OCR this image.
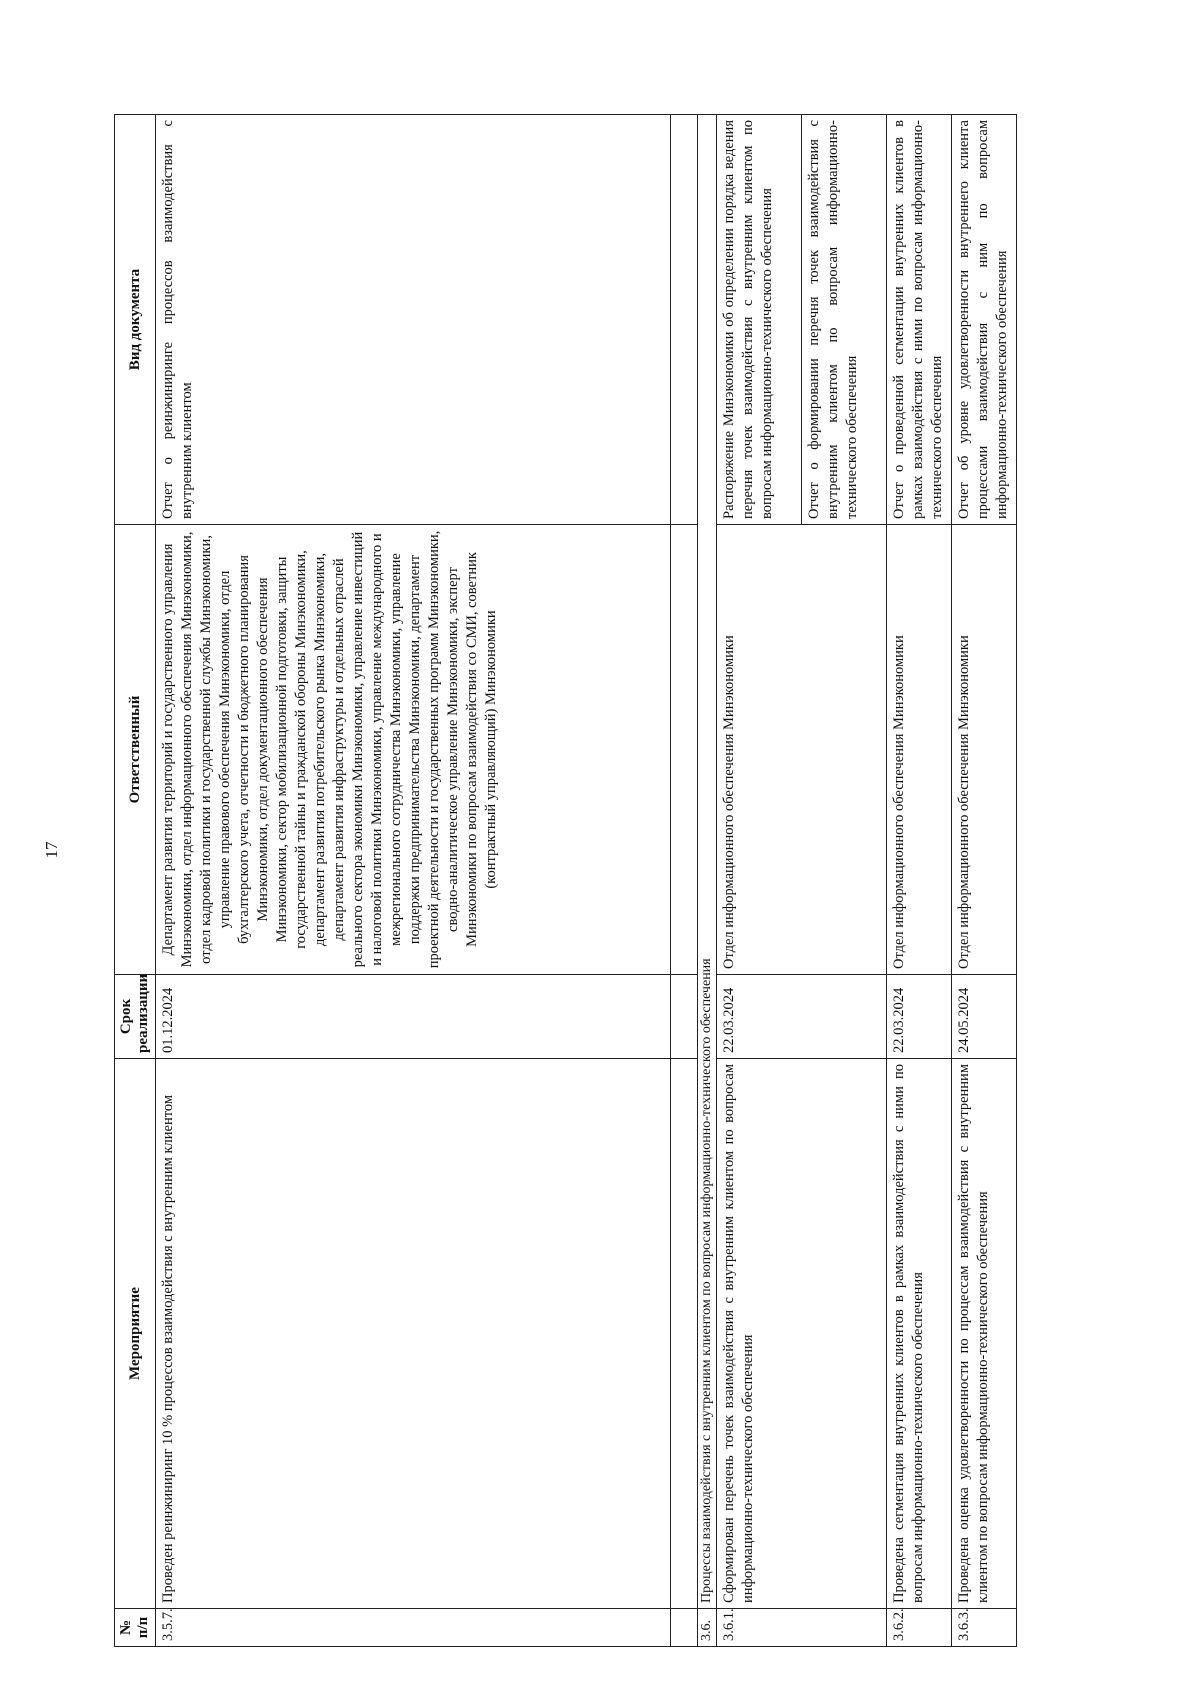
17
№ п/п	Мероприятие	Срок реализации	Ответственный	Вид документа
3.5.7.	Проведен реинжиниринг 10 % процессов взаимодействия с внутренним клиентом	01.12.2024	Департамент развития территорий и государственного управления Минэкономики, отдел информационного обеспечения Минэкономики, отдел кадровой политики и государственной службы Минэкономики, управление правового обеспечения Минэкономики, отдел бухгалтерского учета, отчетности и бюджетного планирования Минэкономики, отдел документационного обеспечения Минэкономики, сектор мобилизационной подготовки, защиты государственной тайны и гражданской обороны Минэкономики, департамент развития потребительского рынка Минэкономики, департамент развития инфраструктуры и отдельных отраслей реального сектора экономики Минэкономики, управление инвестиций и налоговой политики Минэкономики, управление международного и межрегионального сотрудничества Минэкономики, управление поддержки предпринимательства Минэкономики, департамент проектной деятельности и государственных программ Минэкономики, сводно-аналитическое управление Минэкономики, эксперт Минэкономики по вопросам взаимодействия со СМИ, советник (контрактный управляющий) Минэкономики	Отчет о реинжиниринге процессов взаимодействия с внутренним клиентом

3.6.	Процессы взаимодействия с внутренним клиентом по вопросам информационно-технического обеспечения			
3.6.1.	Сформирован перечень точек взаимодействия с внутренним клиентом по вопросам информационно-технического обеспечения	22.03.2024	Отдел информационного обеспечения Минэкономики	Распоряжение Минэкономики об определении порядка ведения перечня точек взаимодействия с внутренним клиентом по вопросам информационно-технического обеспечения
				Отчет о формировании перечня точек взаимодействия с внутренним клиентом по вопросам информационно-технического обеспечения
3.6.2.	Проведена сегментация внутренних клиентов в рамках взаимодействия с ними по вопросам информационно-технического обеспечения	22.03.2024	Отдел информационного обеспечения Минэкономики	Отчет о проведенной сегментации внутренних клиентов в рамках взаимодействия с ними по вопросам информационно-технического обеспечения
3.6.3.	Проведена оценка удовлетворенности по процессам взаимодействия с внутренним клиентом по вопросам информационно-технического обеспечения	24.05.2024	Отдел информационного обеспечения Минэкономики	Отчет об уровне удовлетворенности внутреннего клиента процессами взаимодействия с ним по вопросам информационно-технического обеспечения
